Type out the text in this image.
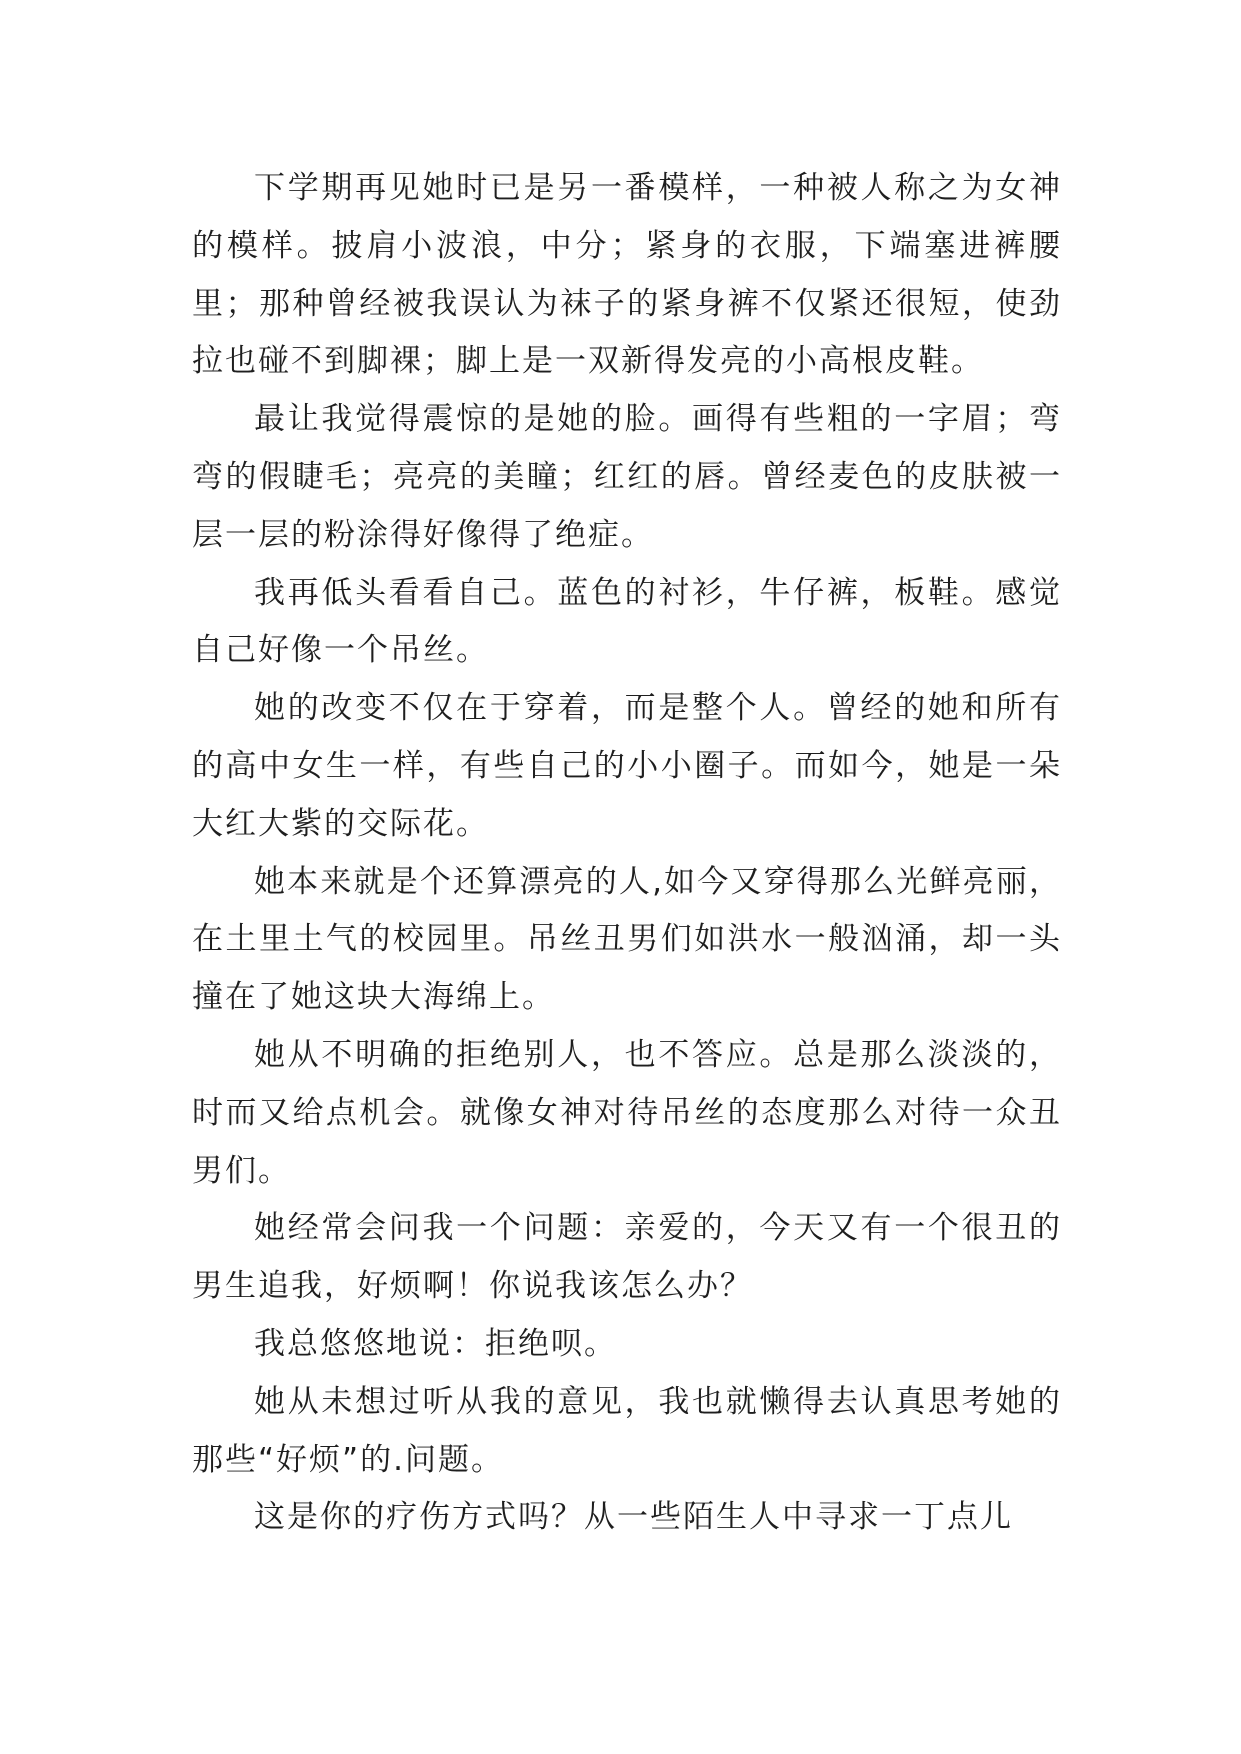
下学期再见她时已是另一番模样，一种被人称之为女神的模样。披肩小波浪，中分；紧身的衣服，下端塞进裤腰里；那种曾经被我误认为袜子的紧身裤不仅紧还很短，使劲拉也碰不到脚裸；脚上是一双新得发亮的小高根皮鞋。

最让我觉得震惊的是她的脸。画得有些粗的一字眉；弯弯的假睫毛；亮亮的美瞳；红红的唇。曾经麦色的皮肤被一层一层的粉涂得好像得了绝症。

我再低头看看自己。蓝色的衬衫，牛仔裤，板鞋。感觉自己好像一个吊丝。

她的改变不仅在于穿着，而是整个人。曾经的她和所有的高中女生一样，有些自己的小小圈子。而如今，她是一朵大红大紫的交际花。

她本来就是个还算漂亮的人,如今又穿得那么光鲜亮丽，在土里土气的校园里。吊丝丑男们如洪水一般汹涌，却一头撞在了她这块大海绵上。

她从不明确的拒绝别人，也不答应。总是那么淡淡的，时而又给点机会。就像女神对待吊丝的态度那么对待一众丑男们。

她经常会问我一个问题：亲爱的，今天又有一个很丑的男生追我，好烦啊！你说我该怎么办？

我总悠悠地说：拒绝呗。

她从未想过听从我的意见，我也就懒得去认真思考她的那些“好烦”的.问题。

这是你的疗伤方式吗？从一些陌生人中寻求一丁点儿
